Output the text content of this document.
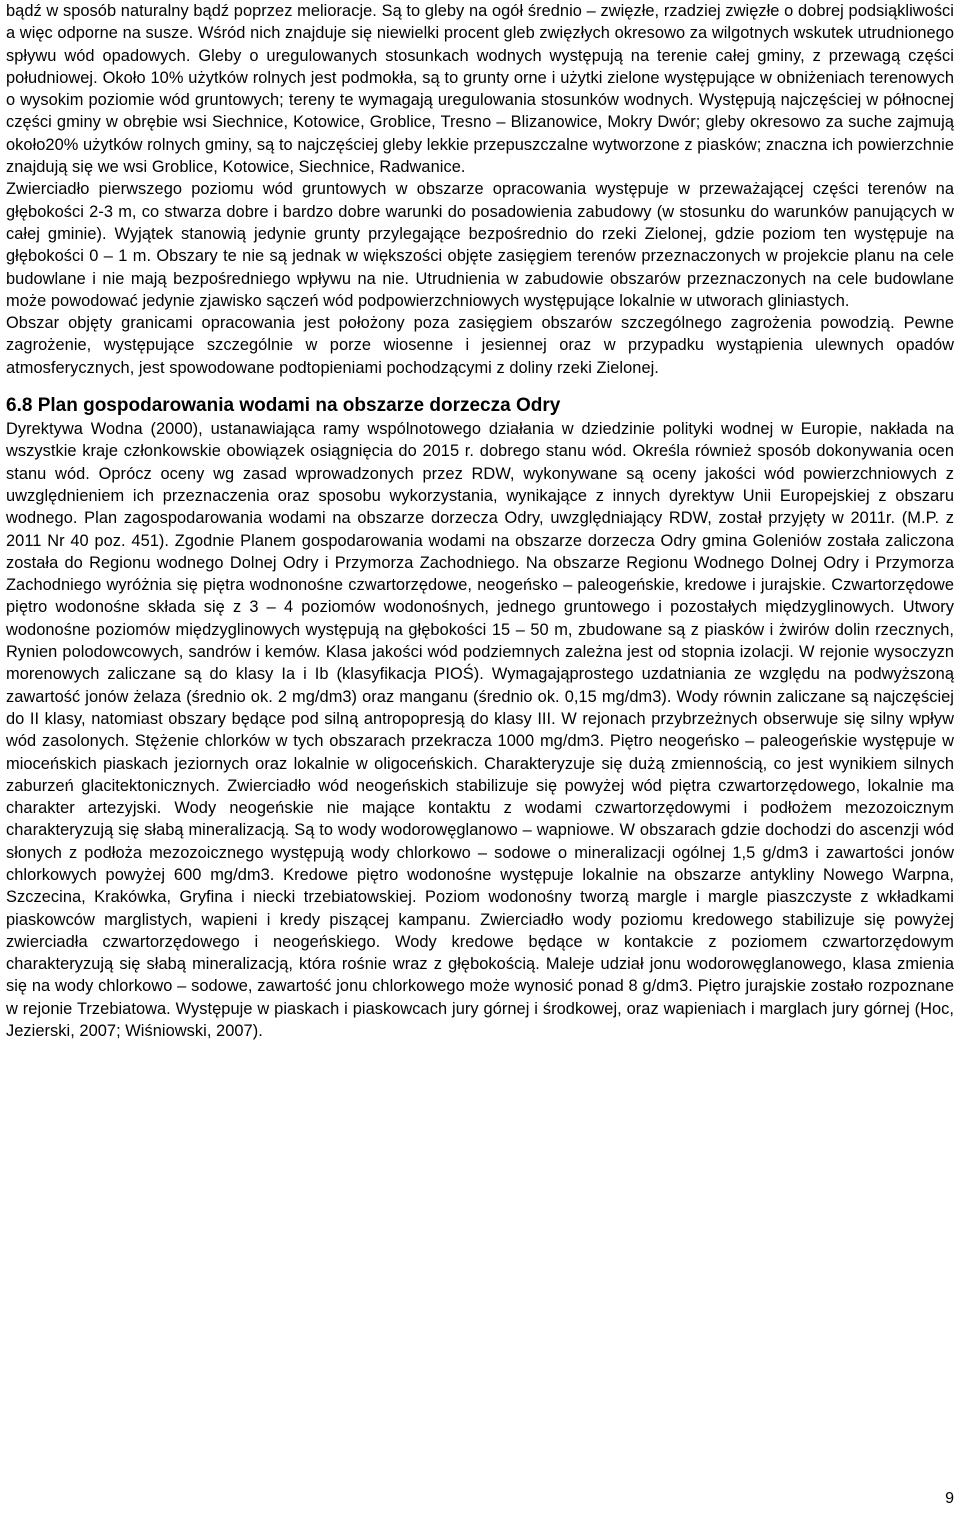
bądź w sposób naturalny bądź poprzez melioracje. Są to gleby na ogół średnio – zwięzłe, rzadziej zwięzłe o dobrej podsiąkliwości a więc odporne na susze. Wśród nich znajduje się niewielki procent gleb zwięzłych okresowo za wilgotnych wskutek utrudnionego spływu wód opadowych. Gleby o uregulowanych stosunkach wodnych występują na terenie całej gminy, z przewagą części południowej. Około 10% użytków rolnych jest podmokła, są to grunty orne i użytki zielone występujące w obniżeniach terenowych o wysokim poziomie wód gruntowych; tereny te wymagają uregulowania stosunków wodnych. Występują najczęściej w północnej części gminy w obrębie wsi Siechnice, Kotowice, Groblice, Tresno – Blizanowice, Mokry Dwór; gleby okresowo za suche zajmują około20% użytków rolnych gminy, są to najczęściej gleby lekkie przepuszczalne wytworzone z piasków; znaczna ich powierzchnie znajdują się we wsi Groblice, Kotowice, Siechnice, Radwanice.

Zwierciadło pierwszego poziomu wód gruntowych w obszarze opracowania występuje w przeważającej części terenów na głębokości 2-3 m, co stwarza dobre i bardzo dobre warunki do posadowienia zabudowy (w stosunku do warunków panujących w całej gminie). Wyjątek stanowią jedynie grunty przylegające bezpośrednio do rzeki Zielonej, gdzie poziom ten występuje na głębokości 0 – 1 m. Obszary te nie są jednak w większości objęte zasięgiem terenów przeznaczonych w projekcie planu na cele budowlane i nie mają bezpośredniego wpływu na nie. Utrudnienia w zabudowie obszarów przeznaczonych na cele budowlane może powodować jedynie zjawisko sączeń wód podpowierzchniowych występujące lokalnie w utworach gliniastych.

Obszar objęty granicami opracowania jest położony poza zasięgiem obszarów szczególnego zagrożenia powodzią. Pewne zagrożenie, występujące szczególnie w porze wiosenne i jesiennej oraz w przypadku wystąpienia ulewnych opadów atmosferycznych, jest spowodowane podtopieniami pochodzącymi z doliny rzeki Zielonej.

6.8 Plan gospodarowania wodami na obszarze dorzecza Odry

Dyrektywa Wodna (2000), ustanawiająca ramy wspólnotowego działania w dziedzinie polityki wodnej w Europie, nakłada na wszystkie kraje członkowskie obowiązek osiągnięcia do 2015 r. dobrego stanu wód. Określa również sposób dokonywania ocen stanu wód. Oprócz oceny wg zasad wprowadzonych przez RDW, wykonywane są oceny jakości wód powierzchniowych z uwzględnieniem ich przeznaczenia oraz sposobu wykorzystania, wynikające z innych dyrektyw Unii Europejskiej z obszaru wodnego. Plan zagospodarowania wodami na obszarze dorzecza Odry, uwzględniający RDW, został przyjęty w 2011r. (M.P. z 2011 Nr 40 poz. 451). Zgodnie Planem gospodarowania wodami na obszarze dorzecza Odry gmina Goleniów została zaliczona została do Regionu wodnego Dolnej Odry i Przymorza Zachodniego. Na obszarze Regionu Wodnego Dolnej Odry i Przymorza Zachodniego wyróżnia się piętra wodnonośne czwartorzędowe, neogeńsko – paleogeńskie, kredowe i jurajskie. Czwartorzędowe piętro wodonośne składa się z 3 – 4 poziomów wodonośnych, jednego gruntowego i pozostałych międzyglinowych. Utwory wodonośne poziomów międzyglinowych występują na głębokości 15 – 50 m, zbudowane są z piasków i żwirów dolin rzecznych, Rynien polodowcowych, sandrów i kemów. Klasa jakości wód podziemnych zależna jest od stopnia izolacji. W rejonie wysoczyzn morenowych zaliczane są do klasy Ia i Ib (klasyfikacja PIOŚ). Wymagająprostego uzdatniania ze względu na podwyższoną zawartość jonów żelaza (średnio ok. 2 mg/dm3) oraz manganu (średnio ok. 0,15 mg/dm3). Wody równin zaliczane są najczęściej do II klasy, natomiast obszary będące pod silną antropopresją do klasy III. W rejonach przybrzeżnych obserwuje się silny wpływ wód zasolonych. Stężenie chlorków w tych obszarach przekracza 1000 mg/dm3. Piętro neogeńsko – paleogeńskie występuje w mioceńskich piaskach jeziornych oraz lokalnie w oligoceńskich. Charakteryzuje się dużą zmiennością, co jest wynikiem silnych zaburzeń glacitektonicznych. Zwierciadło wód neogeńskich stabilizuje się powyżej wód piętra czwartorzędowego, lokalnie ma charakter artezyjski. Wody neogeńskie nie mające kontaktu z wodami czwartorzędowymi i podłożem mezozoicznym charakteryzują się słabą mineralizacją. Są to wody wodorowęglanowo – wapniowe. W obszarach gdzie dochodzi do ascenzji wód słonych z podłoża mezozoicznego występują wody chlorkowo – sodowe o mineralizacji ogólnej 1,5 g/dm3 i zawartości jonów chlorkowych powyżej 600 mg/dm3. Kredowe piętro wodonośne występuje lokalnie na obszarze antykliny Nowego Warpna, Szczecina, Krakówka, Gryfina i niecki trzebiatowskiej. Poziom wodonośny tworzą margle i margle piaszczyste z wkładkami piaskowców marglistych, wapieni i kredy piszącej kampanu. Zwierciadło wody poziomu kredowego stabilizuje się powyżej zwierciadła czwartorzędowego i neogeńskiego. Wody kredowe będące w kontakcie z poziomem czwartorzędowym charakteryzują się słabą mineralizacją, która rośnie wraz z głębokością. Maleje udział jonu wodorowęglanowego, klasa zmienia się na wody chlorkowo – sodowe, zawartość jonu chlorkowego może wynosić ponad 8 g/dm3. Piętro jurajskie zostało rozpoznane w rejonie Trzebiatowa. Występuje w piaskach i piaskowcach jury górnej i środkowej, oraz wapieniach i marglach jury górnej (Hoc, Jezierski, 2007; Wiśniowski, 2007).

9
